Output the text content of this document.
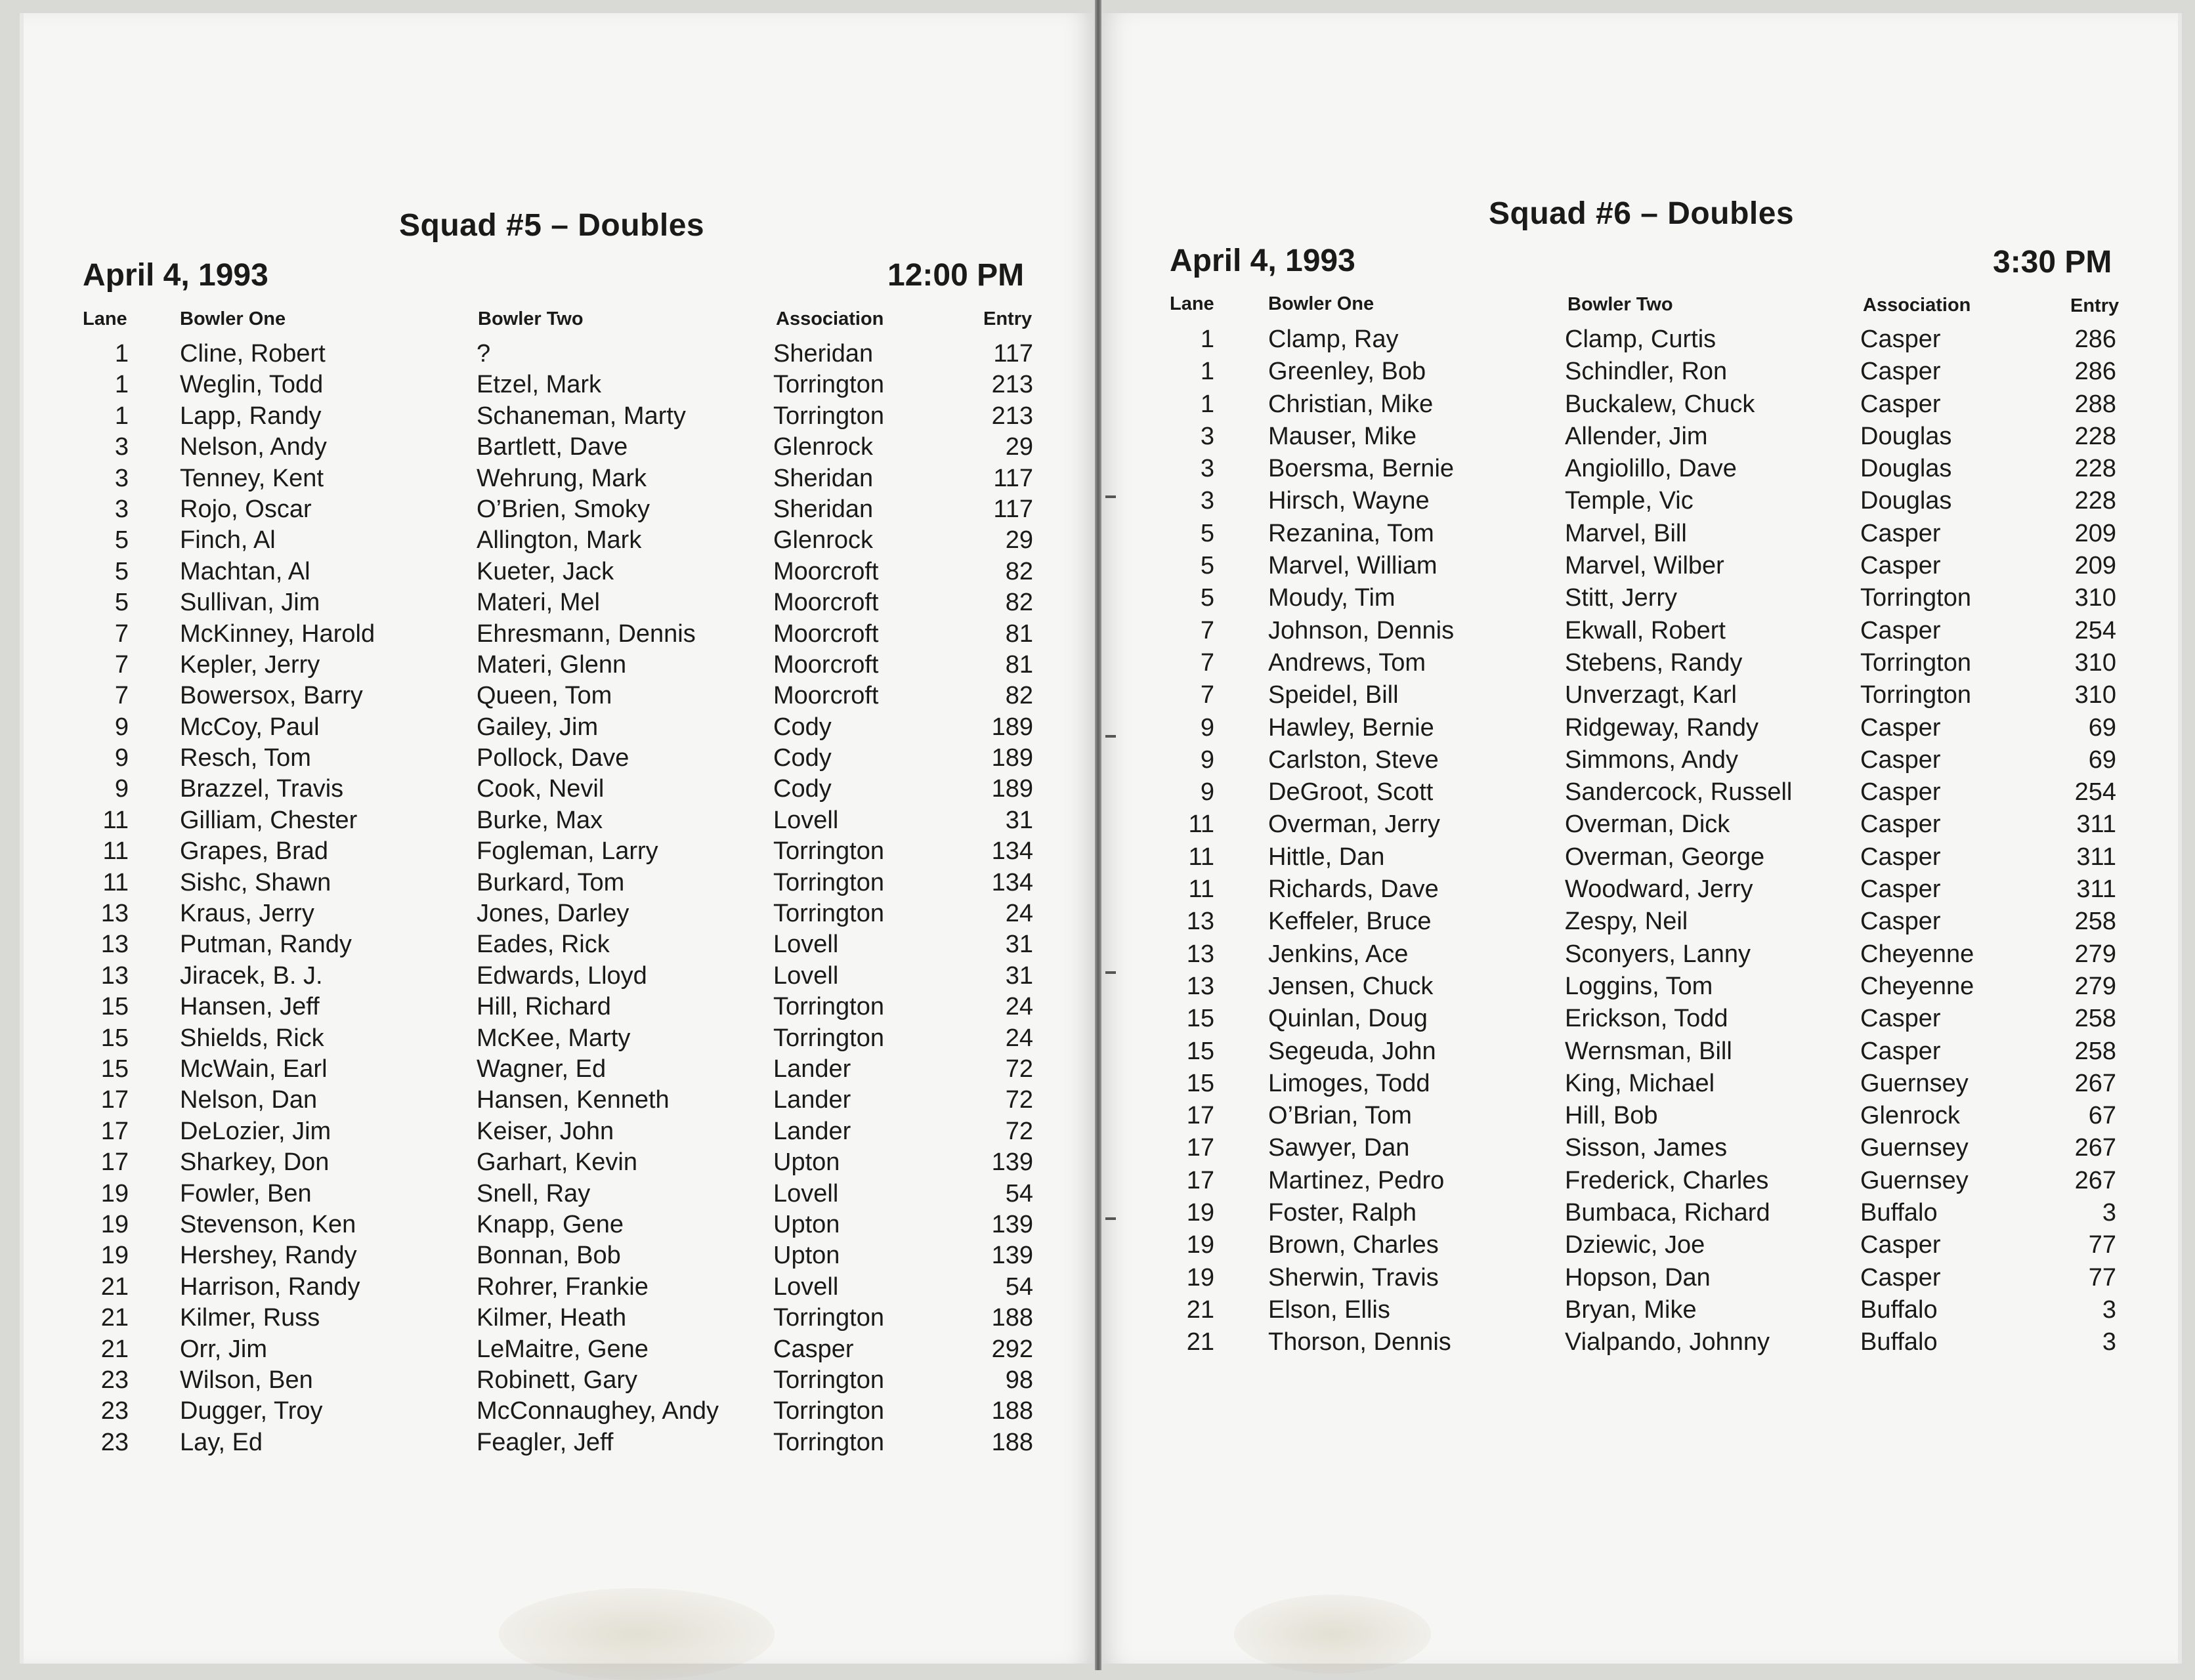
Squad #5 – Doubles
April 4, 1993	12:00 PM
Lane	Bowler One	Bowler Two	Association	Entry
1 Cline, Robert	?	Sheridan	117
1 Weglin, Todd	Etzel, Mark	Torrington	213
1 Lapp, Randy	Schaneman, Marty	Torrington	213
3 Nelson, Andy	Bartlett, Dave	Glenrock	29
3 Tenney, Kent	Wehrung, Mark	Sheridan	117
3 Rojo, Oscar	O’Brien, Smoky	Sheridan	117
5 Finch, Al	Allington, Mark	Glenrock	29
5 Machtan, Al	Kueter, Jack	Moorcroft	82
5 Sullivan, Jim	Materi, Mel	Moorcroft	82
7 McKinney, Harold	Ehresmann, Dennis	Moorcroft	81
7 Kepler, Jerry	Materi, Glenn	Moorcroft	81
7 Bowersox, Barry	Queen, Tom	Moorcroft	82
9 McCoy, Paul	Gailey, Jim	Cody	189
9 Resch, Tom	Pollock, Dave	Cody	189
9 Brazzel, Travis	Cook, Nevil	Cody	189
11 Gilliam, Chester	Burke, Max	Lovell	31
11 Grapes, Brad	Fogleman, Larry	Torrington	134
11 Sishc, Shawn	Burkard, Tom	Torrington	134
13 Kraus, Jerry	Jones, Darley	Torrington	24
13 Putman, Randy	Eades, Rick	Lovell	31
13 Jiracek, B. J.	Edwards, Lloyd	Lovell	31
15 Hansen, Jeff	Hill, Richard	Torrington	24
15 Shields, Rick	McKee, Marty	Torrington	24
15 McWain, Earl	Wagner, Ed	Lander	72
17 Nelson, Dan	Hansen, Kenneth	Lander	72
17 DeLozier, Jim	Keiser, John	Lander	72
17 Sharkey, Don	Garhart, Kevin	Upton	139
19 Fowler, Ben	Snell, Ray	Lovell	54
19 Stevenson, Ken	Knapp, Gene	Upton	139
19 Hershey, Randy	Bonnan, Bob	Upton	139
21 Harrison, Randy	Rohrer, Frankie	Lovell	54
21 Kilmer, Russ	Kilmer, Heath	Torrington	188
21 Orr, Jim	LeMaitre, Gene	Casper	292
23 Wilson, Ben	Robinett, Gary	Torrington	98
23 Dugger, Troy	McConnaughey, Andy Torrington	188
23 Lay, Ed	Feagler, Jeff	Torrington	188
Squad #6 – Doubles
April 4, 1993	3:30 PM
Lane	Bowler One	Bowler Two	Association	Entry
1 Clamp, Ray	Clamp, Curtis	Casper	286
1 Greenley, Bob	Schindler, Ron	Casper	286
1 Christian, Mike	Buckalew, Chuck	Casper	288
3 Mauser, Mike	Allender, Jim	Douglas	228
3 Boersma, Bernie	Angiolillo, Dave	Douglas	228
3 Hirsch, Wayne	Temple, Vic	Douglas	228
5 Rezanina, Tom	Marvel, Bill	Casper	209
5 Marvel, William	Marvel, Wilber	Casper	209
5 Moudy, Tim	Stitt, Jerry	Torrington	310
7 Johnson, Dennis	Ekwall, Robert	Casper	254
7 Andrews, Tom	Stebens, Randy	Torrington	310
7 Speidel, Bill	Unverzagt, Karl	Torrington	310
9 Hawley, Bernie	Ridgeway, Randy	Casper	69
9 Carlston, Steve	Simmons, Andy	Casper	69
9 DeGroot, Scott	Sandercock, Russell	Casper	254
11 Overman, Jerry	Overman, Dick	Casper	311
11 Hittle, Dan	Overman, George	Casper	311
11 Richards, Dave	Woodward, Jerry	Casper	311
13 Keffeler, Bruce	Zespy, Neil	Casper	258
13 Jenkins, Ace	Sconyers, Lanny	Cheyenne	279
13 Jensen, Chuck	Loggins, Tom	Cheyenne	279
15 Quinlan, Doug	Erickson, Todd	Casper	258
15 Segeuda, John	Wernsman, Bill	Casper	258
15 Limoges, Todd	King, Michael	Guernsey	267
17 O’Brian, Tom	Hill, Bob	Glenrock	67
17 Sawyer, Dan	Sisson, James	Guernsey	267
17 Martinez, Pedro	Frederick, Charles	Guernsey	267
19 Foster, Ralph	Bumbaca, Richard	Buffalo	3
19 Brown, Charles	Dziewic, Joe	Casper	77
19 Sherwin, Travis	Hopson, Dan	Casper	77
21 Elson, Ellis	Bryan, Mike	Buffalo	3
21 Thorson, Dennis	Vialpando, Johnny	Buffalo	3
